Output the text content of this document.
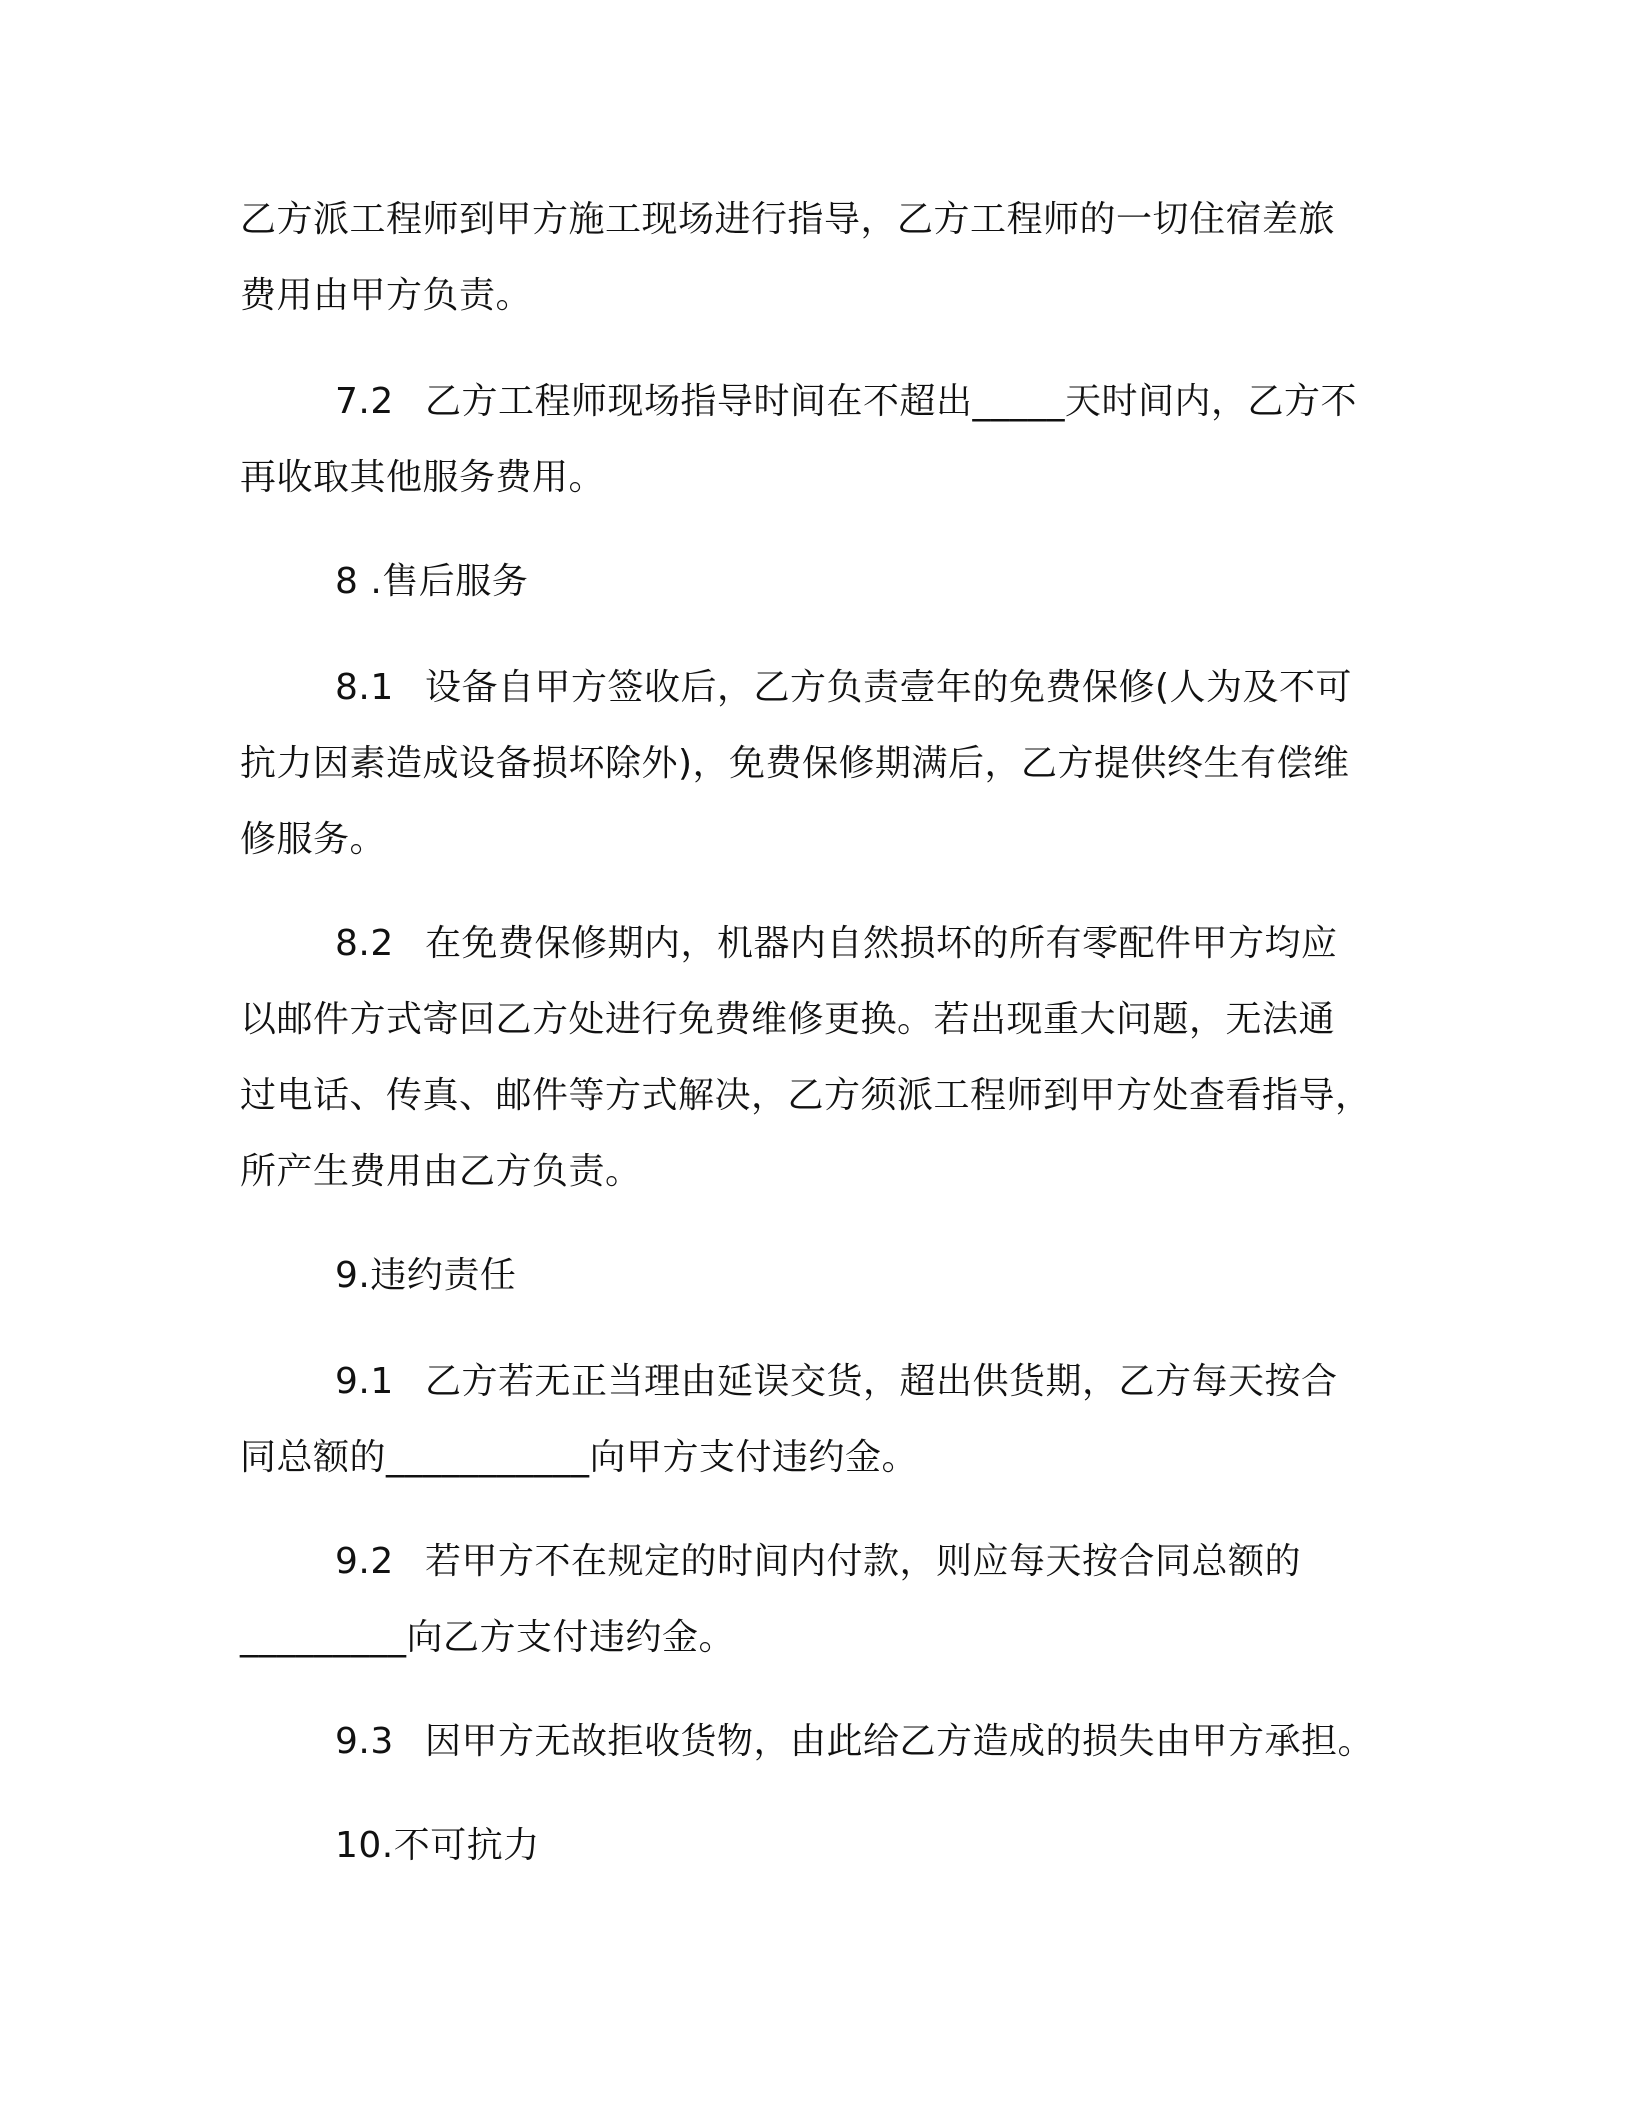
乙方派工程师到甲方施工现场进行指导，乙方工程师的一切住宿差旅
费用由甲方负责。
7.2 乙方工程师现场指导时间在不超出_____天时间内，乙方不
再收取其他服务费用。
8 .售后服务
8.1 设备自甲方签收后，乙方负责壹年的免费保修(人为及不可
抗力因素造成设备损坏除外)，免费保修期满后，乙方提供终生有偿维
修服务。
8.2 在免费保修期内，机器内自然损坏的所有零配件甲方均应
以邮件方式寄回乙方处进行免费维修更换。若出现重大问题，无法通
过电话、传真、邮件等方式解决，乙方须派工程师到甲方处查看指导，
所产生费用由乙方负责。
9.违约责任
9.1 乙方若无正当理由延误交货，超出供货期，乙方每天按合
同总额的___________向甲方支付违约金。
9.2 若甲方不在规定的时间内付款，则应每天按合同总额的
_________向乙方支付违约金。
9.3 因甲方无故拒收货物，由此给乙方造成的损失由甲方承担。
10.不可抗力
